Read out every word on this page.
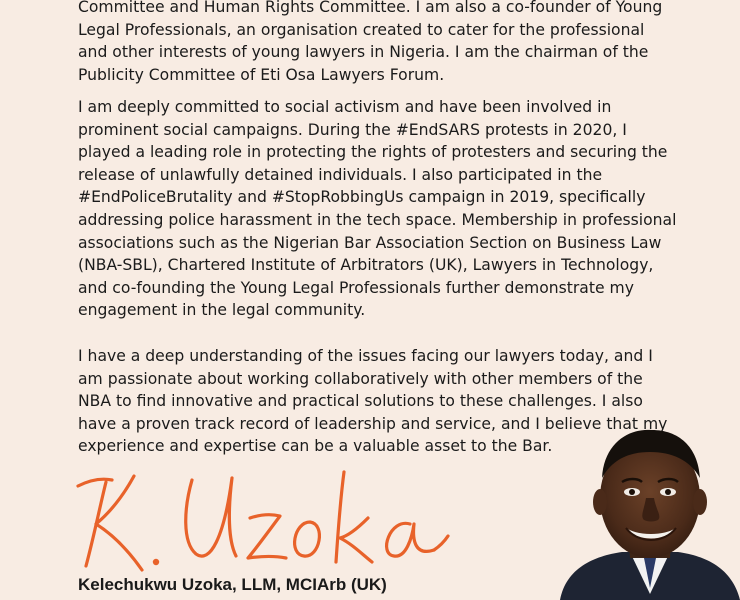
Committee and Human Rights Committee. I am also a co-founder of Young Legal Professionals, an organisation created to cater for the professional and other interests of young lawyers in Nigeria. I am the chairman of the Publicity Committee of Eti Osa Lawyers Forum.

I am deeply committed to social activism and have been involved in prominent social campaigns. During the #EndSARS protests in 2020, I played a leading role in protecting the rights of protesters and securing the release of unlawfully detained individuals. I also participated in the #EndPoliceBrutality and #StopRobbingUs campaign in 2019, specifically addressing police harassment in the tech space. Membership in professional associations such as the Nigerian Bar Association Section on Business Law (NBA-SBL), Chartered Institute of Arbitrators (UK), Lawyers in Technology, and co-founding the Young Legal Professionals further demonstrate my engagement in the legal community.

I have a deep understanding of the issues facing our lawyers today, and I am passionate about working collaboratively with other members of the NBA to find innovative and practical solutions to these challenges. I also have a proven track record of leadership and service, and I believe that my experience and expertise can be a valuable asset to the Bar.

Kelechukwu Uzoka, LLM, MCIArb (UK)
